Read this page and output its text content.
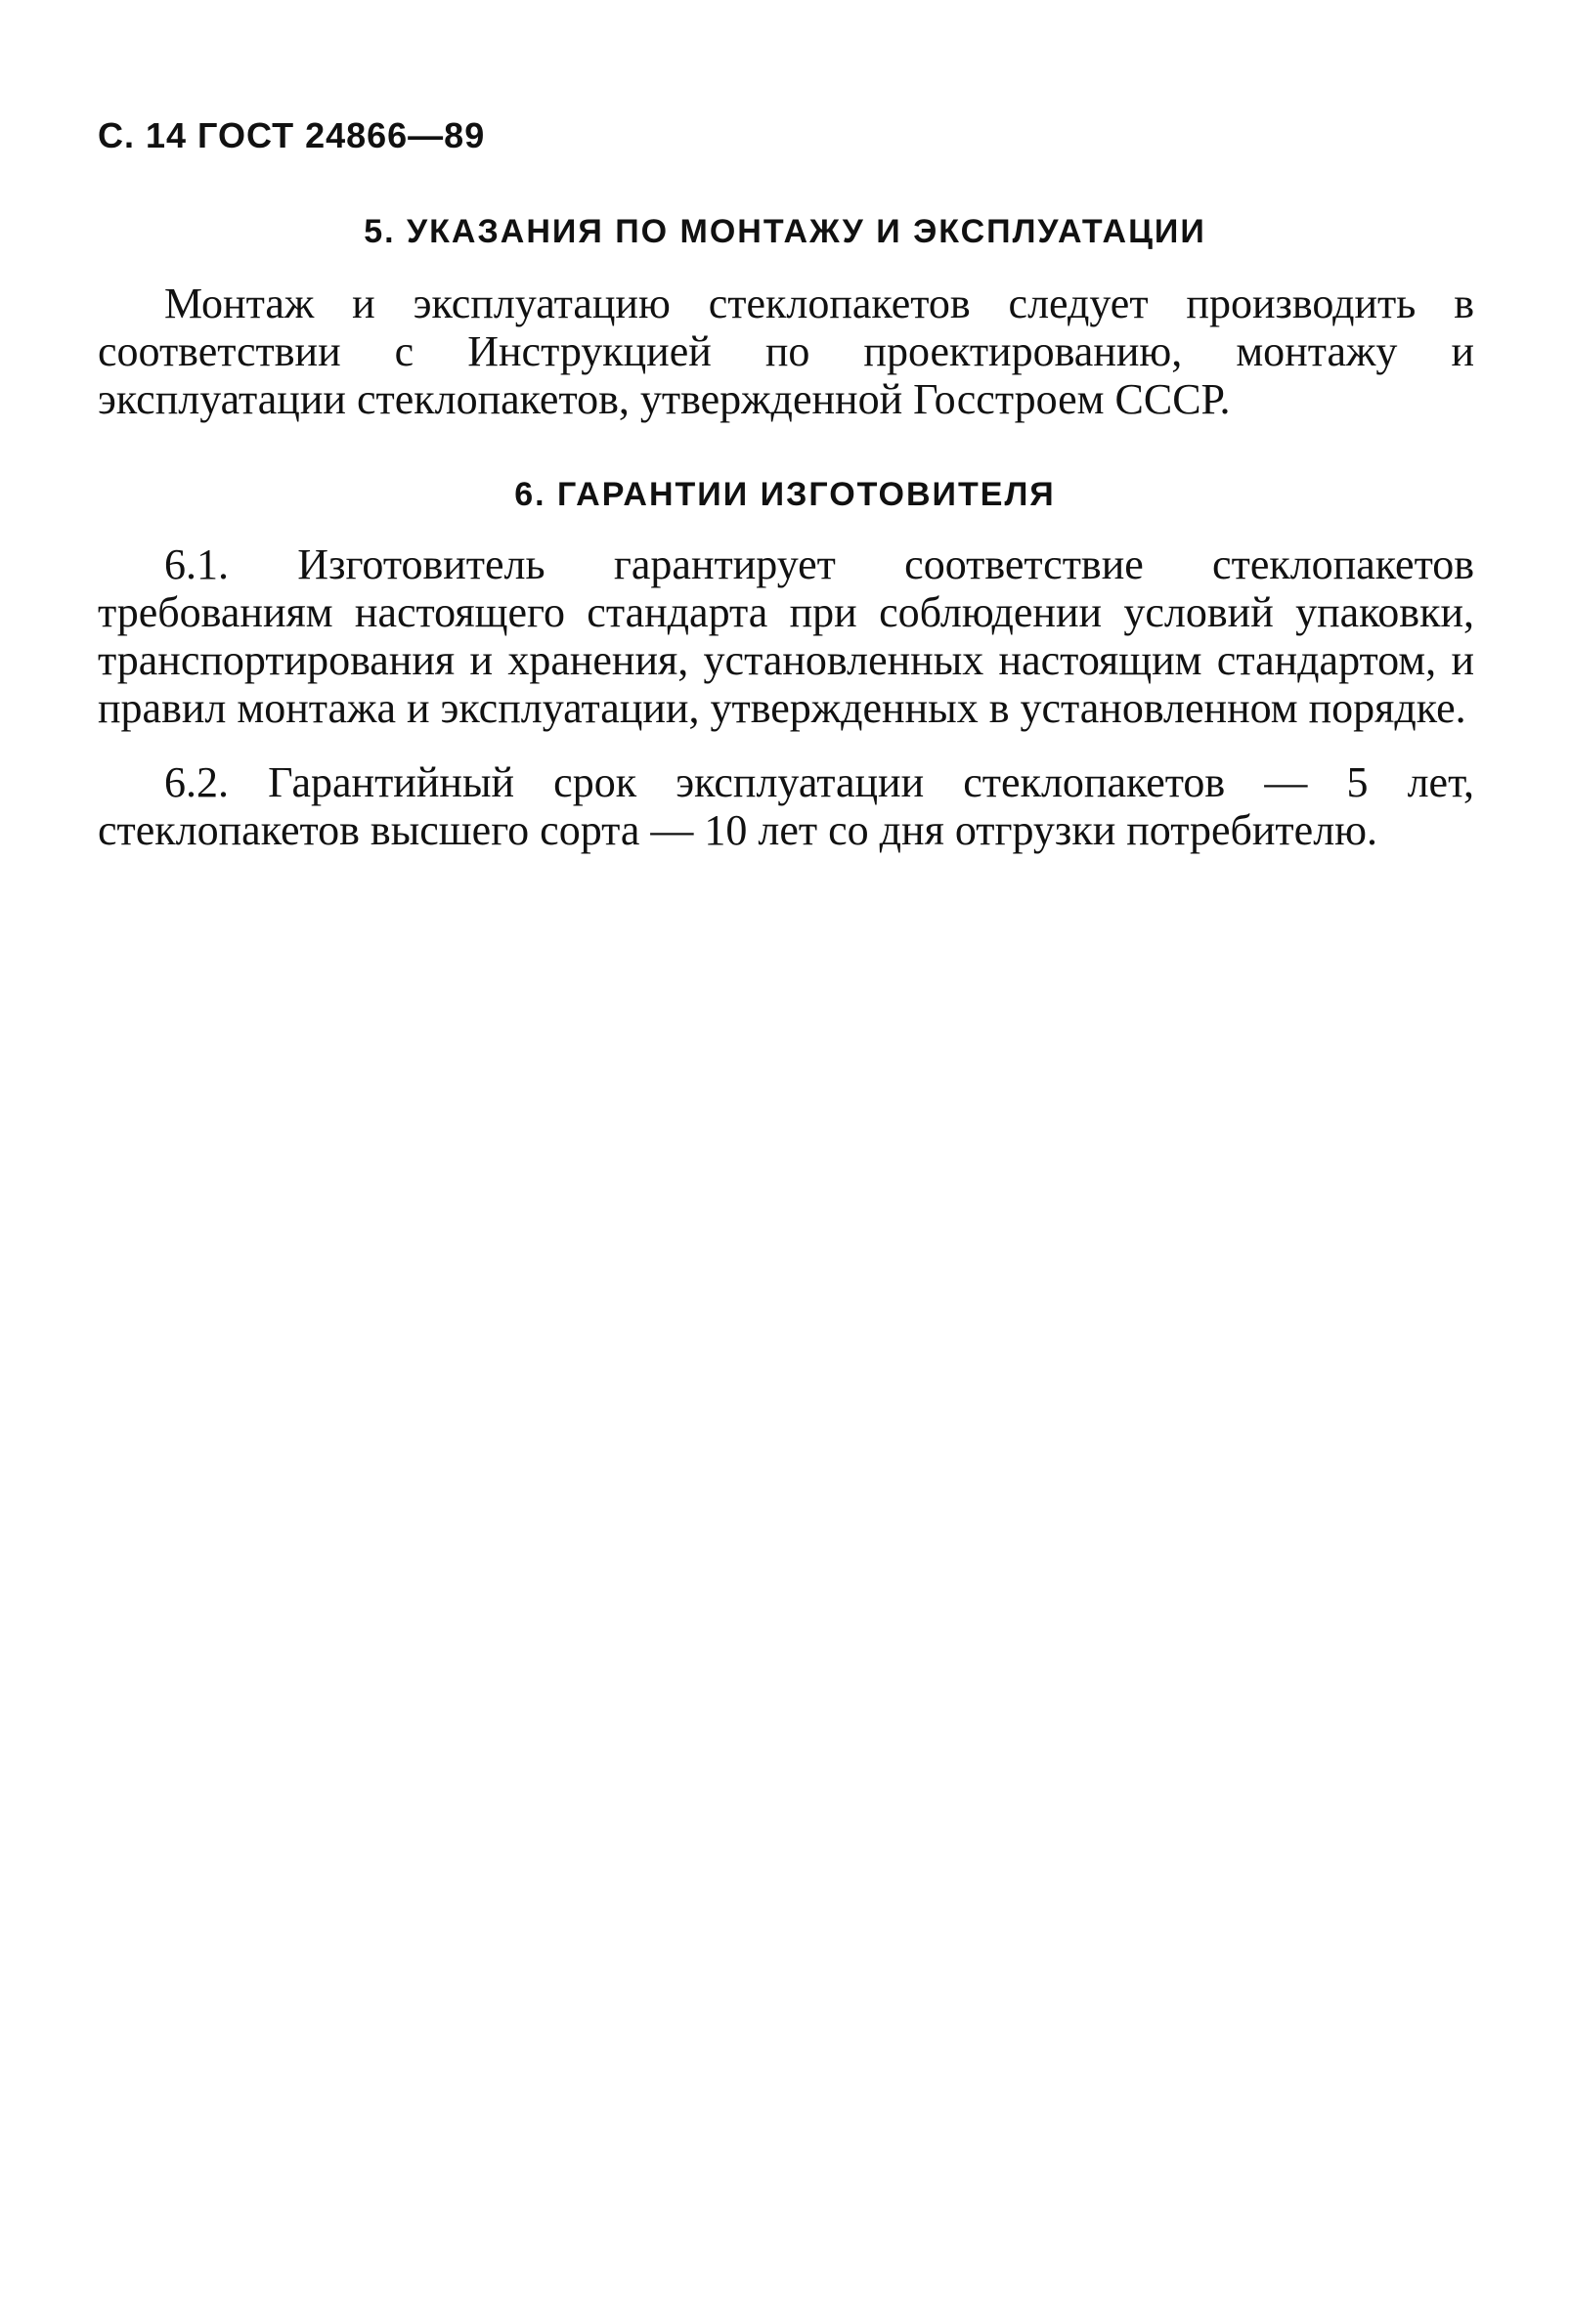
С. 14 ГОСТ 24866—89
5. УКАЗАНИЯ ПО МОНТАЖУ И ЭКСПЛУАТАЦИИ
Монтаж и эксплуатацию стеклопакетов следует производить в соответствии с Инструкцией по проектированию, монтажу и эксплуатации стеклопакетов, утвержденной Госстроем СССР.
6. ГАРАНТИИ ИЗГОТОВИТЕЛЯ
6.1. Изготовитель гарантирует соответствие стеклопакетов требованиям настоящего стандарта при соблюдении условий упаковки, транспортирования и хранения, установленных настоящим стандартом, и правил монтажа и эксплуатации, утвержденных в установленном порядке.
6.2. Гарантийный срок эксплуатации стеклопакетов — 5 лет, стеклопакетов высшего сорта — 10 лет со дня отгрузки потребителю.
